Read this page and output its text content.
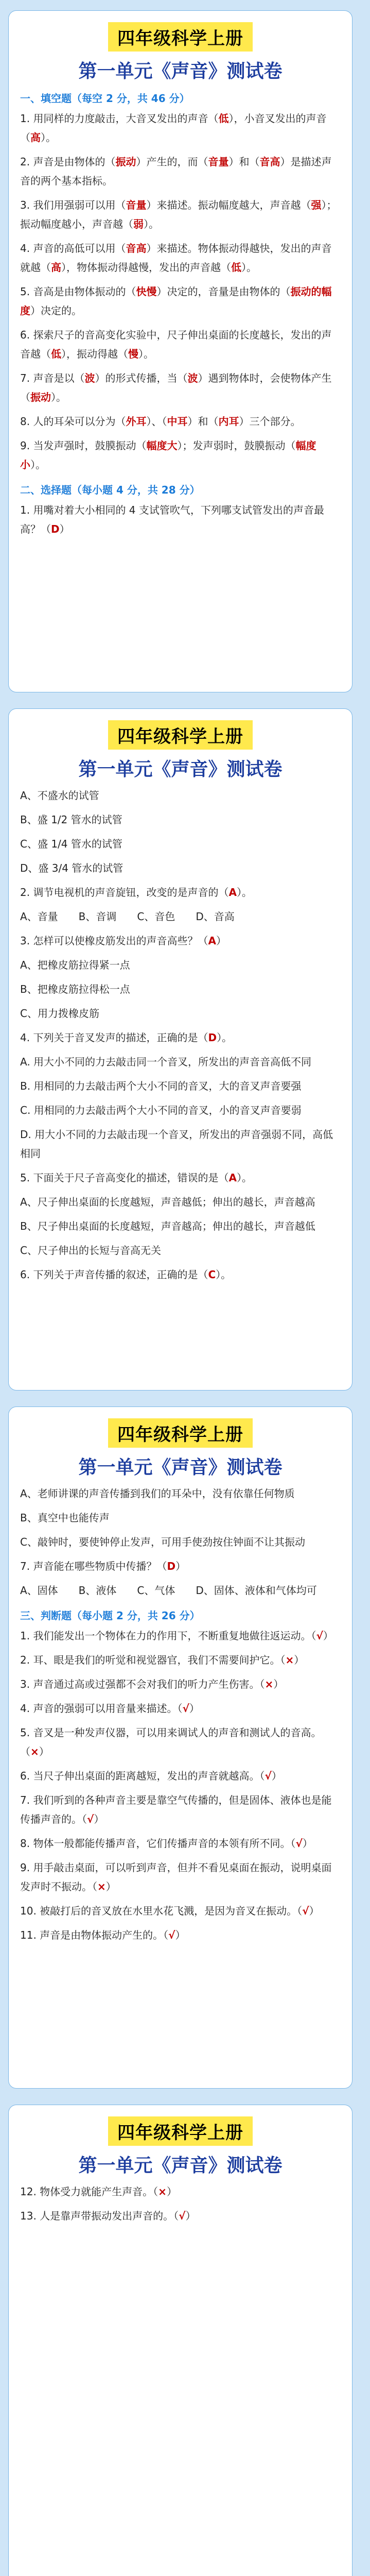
四年级科学上册
第一单元《声音》测试卷
一、填空题（每空 2 分，共 46 分）

1. 用同样的力度敲击，大音叉发出的声音（低），小音叉发出的声音（高）。

2. 声音是由物体的（振动）产生的，而（音量）和（音高）是描述声音的两个基本指标。

3. 我们用强弱可以用（音量）来描述。振动幅度越大，声音越（强）；振动幅度越小，声音越（弱）。

4. 声音的高低可以用（音高）来描述。物体振动得越快，发出的声音就越（高），物体振动得越慢，发出的声音越（低）。

5. 音高是由物体振动的（快慢）决定的，音量是由物体的（振动的幅度）决定的。

6. 探索尺子的音高变化实验中，尺子伸出桌面的长度越长，发出的声音越（低），振动得越（慢）。

7. 声音是以（波）的形式传播，当（波）遇到物体时，会使物体产生（振动）。

8. 人的耳朵可以分为（外耳）、（中耳）和（内耳）三个部分。

9. 当发声强时，鼓膜振动（幅度大）；发声弱时，鼓膜振动（幅度小）。

二、选择题（每小题 4 分，共 28 分）

1. 用嘴对着大小相同的 4 支试管吹气，下列哪支试管发出的声音最高？（D）

四年级科学上册
第一单元《声音》测试卷

A、不盛水的试管

B、盛 1/2 管水的试管

C、盛 1/4 管水的试管

D、盛 3/4 管水的试管

2. 调节电视机的声音旋钮，改变的是声音的（A）。

A、音量　　B、音调　　C、音色　　D、音高

3. 怎样可以使橡皮筋发出的声音高些？（A）

A、把橡皮筋拉得紧一点

B、把橡皮筋拉得松一点

C、用力拨橡皮筋

4. 下列关于音叉发声的描述，正确的是（D）。

A. 用大小不同的力去敲击同一个音叉，所发出的声音音高低不同

B. 用相同的力去敲击两个大小不同的音叉，大的音叉声音要强

C. 用相同的力去敲击两个大小不同的音叉，小的音叉声音要弱

D. 用大小不同的力去敲击现一个音叉，所发出的声音强弱不同，高低相同

5. 下面关于尺子音高变化的描述，错误的是（A）。

A、尺子伸出桌面的长度越短，声音越低；伸出的越长，声音越高

B、尺子伸出桌面的长度越短，声音越高；伸出的越长，声音越低

C、尺子伸出的长短与音高无关

6. 下列关于声音传播的叙述，正确的是（C）。

四年级科学上册
第一单元《声音》测试卷

A、老师讲课的声音传播到我们的耳朵中，没有依靠任何物质

B、真空中也能传声

C、敲钟时，要使钟停止发声，可用手使劲按住钟面不让其振动

7. 声音能在哪些物质中传播？（D）

A、固体　　B、液体　　C、气体　　D、固体、液体和气体均可

三、判断题（每小题 2 分，共 26 分）

1. 我们能发出一个物体在力的作用下，不断重复地做往返运动。（√）

2. 耳、眼是我们的听觉和视觉器官，我们不需要间护它。（×）

3. 声音通过高或过强都不会对我们的听力产生伤害。（×）

4. 声音的强弱可以用音量来描述。（√）

5. 音叉是一种发声仪器，可以用来调试人的声音和测试人的音高。（×）

6. 当尺子伸出桌面的距离越短，发出的声音就越高。（√）

7. 我们听到的各种声音主要是靠空气传播的，但是固体、液体也是能传播声音的。（√）

8. 物体一般都能传播声音，它们传播声音的本领有所不同。（√）

9. 用手敲击桌面，可以听到声音，但并不看见桌面在振动，说明桌面发声时不振动。（×）

10. 被敲打后的音叉放在水里水花飞溅，是因为音叉在振动。（√）

11. 声音是由物体振动产生的。（√）

四年级科学上册
第一单元《声音》测试卷

12. 物体受力就能产生声音。（×）

13. 人是靠声带振动发出声音的。（√）
